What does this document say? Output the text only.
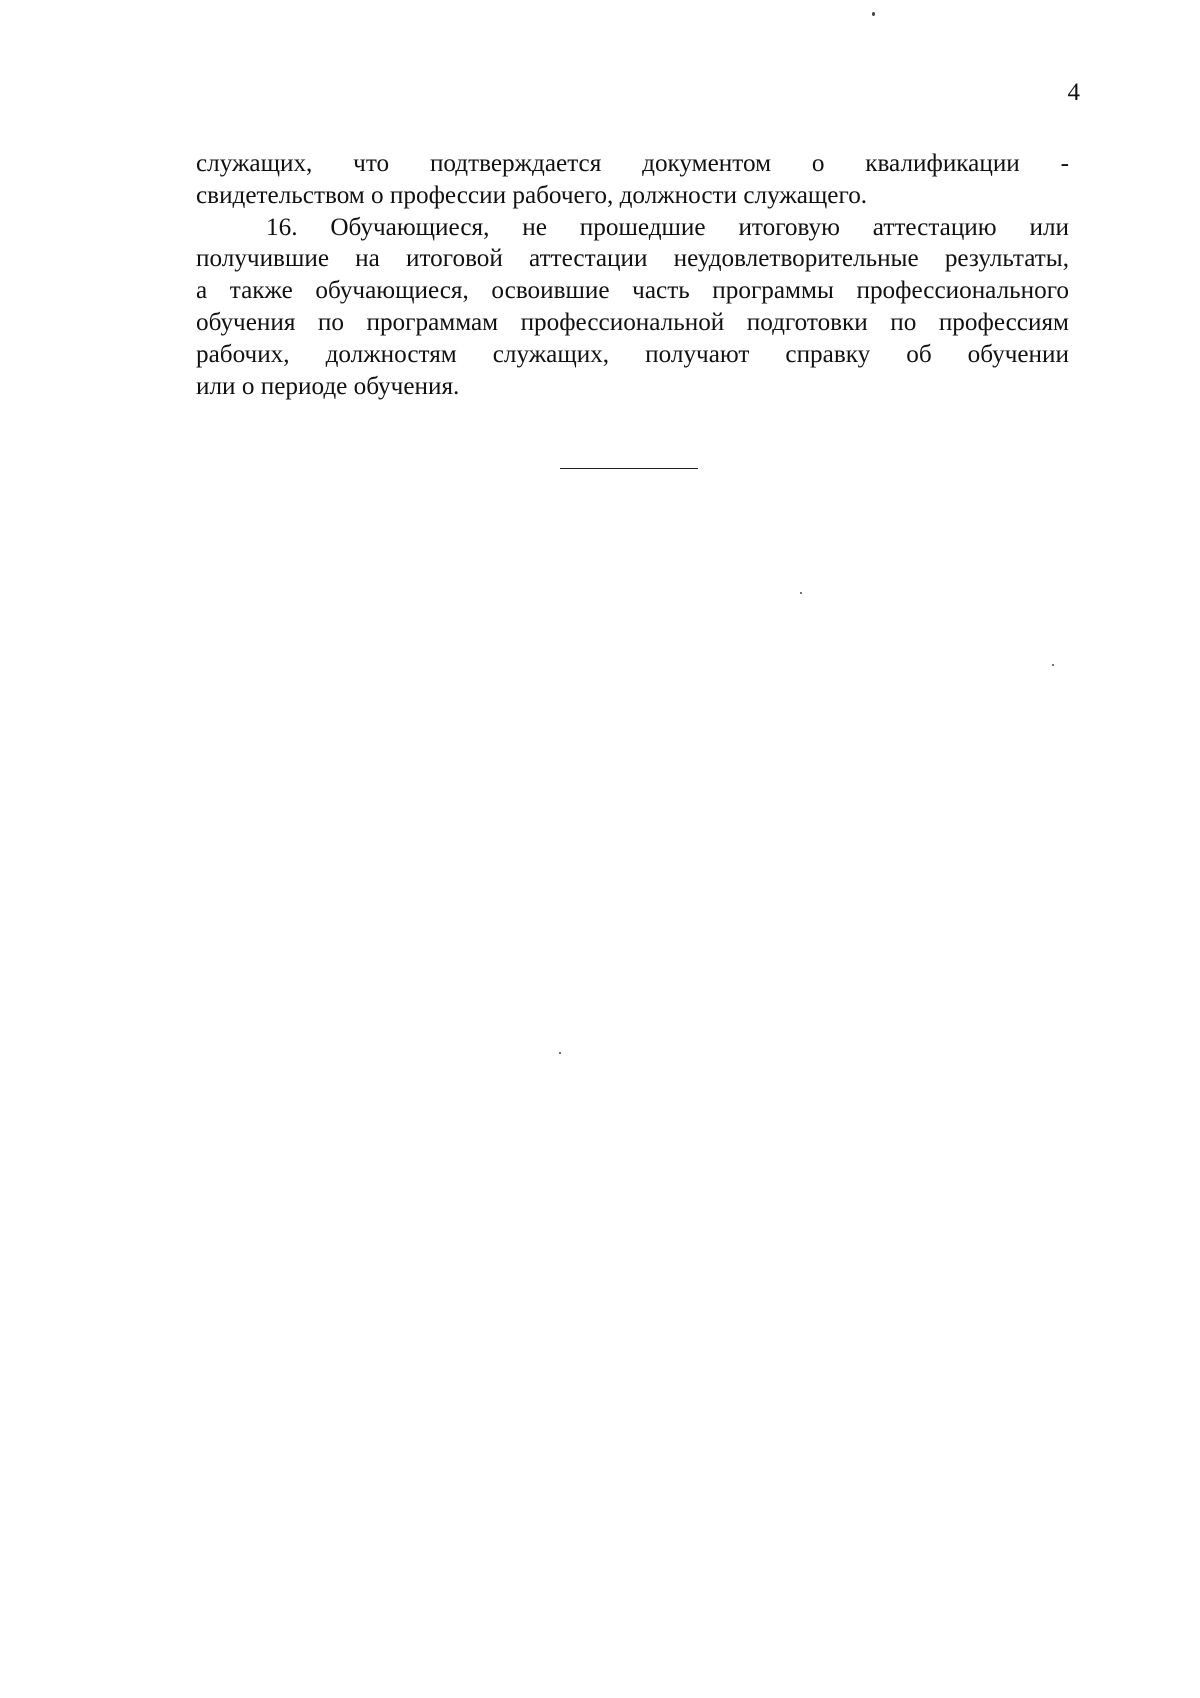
4
служащих, что подтверждается документом о квалификации -
свидетельством о профессии рабочего, должности служащего.
16. Обучающиеся, не прошедшие итоговую аттестацию или
получившие на итоговой аттестации неудовлетворительные результаты,
а также обучающиеся, освоившие часть программы профессионального
обучения по программам профессиональной подготовки по профессиям
рабочих, должностям служащих, получают справку об обучении
или о периоде обучения.
